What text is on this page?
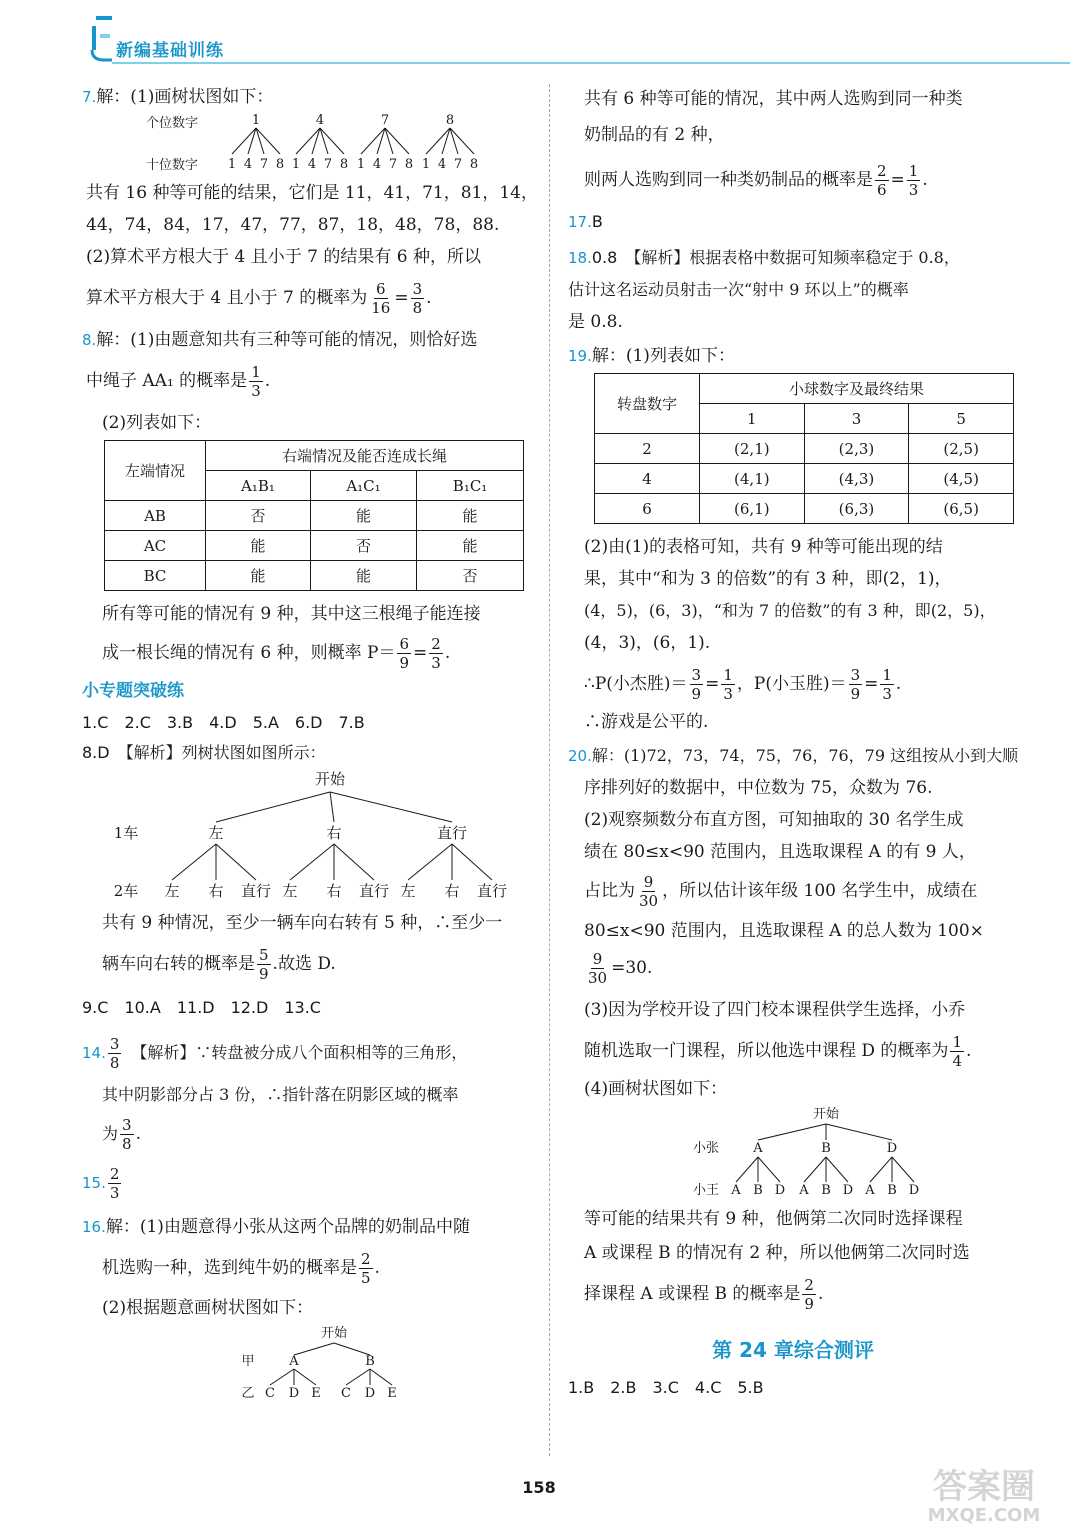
新编基础训练

7.解：(1)画树状图如下：

个位数字
十位数字
1
1 4 7 8
4
1 4 7 8
7
1 4 7 8
8
1 4 7 8

共有 16 种等可能的结果，它们是 11，41，71，81，14，

44，74，84，17，47，77，87，18，48，78，88.

(2)算术平方根大于 4 且小于 7 的结果有 6 种，所以

算术平方根大于 4 且小于 7 的概率为 $\frac{6}{16} = \frac{3}{8}$ .

8.解：(1)由题意知共有三种等可能的情况，则恰好选

中绳子 AA₁ 的概率是 $\frac{1}{3}$ .

(2)列表如下：

左端情况	右端情况及能否连成长绳		
	A₁B₁	A₁C₁	B₁C₁
AB	否	能	能
AC	能	否	能
BC	能	能	否

所有等可能的情况有 9 种，其中这三根绳子能连接

成一根长绳的情况有 6 种，则概率 $P= \frac{6}{9} = \frac{2}{3}$ .

小专题突破练

1.C　2.C　3.B　4.D　5.A　6.D　7.B

8.D　【解析】列树状图如图所示：

开始
1车
2车
左
左 右 直行
右
左 右 直行
直行
左 右 直行

共有 9 种情况，至少一辆车向右转有 5 种，∴至少一

辆车向右转的概率是 $\frac{5}{9}$ .故选 D.

9.C　10.A　11.D　12.D　13.C

14. $\frac{3}{8}$ 　【解析】∵转盘被分成八个面积相等的三角形，

其中阴影部分占 3 份，∴指针落在阴影区域的概率

为 $\frac{3}{8}$ .

15. $\frac{2}{3}$

16.解：(1)由题意得小张从这两个品牌的奶制品中随

机选购一种，选到纯牛奶的概率是 $\frac{2}{5}$ .

(2)根据题意画树状图如下：

开始
甲
乙
A
C D E
B
C D E

共有 6 种等可能的情况，其中两人选购到同一种类

奶制品的有 2 种，

则两人选购到同一种类奶制品的概率是 $\frac{2}{6} = \frac{1}{3}$ .

17.B

18.0.8　【解析】根据表格中数据可知频率稳定于 0.8，

估计这名运动员射击一次“射中 9 环以上”的概率

是 0.8.

19.解：(1)列表如下：

转盘数字	小球数字及最终结果		
	1	3	5
2	(2,1)	(2,3)	(2,5)
4	(4,1)	(4,3)	(4,5)
6	(6,1)	(6,3)	(6,5)

(2)由(1)的表格可知，共有 9 种等可能出现的结

果，其中“和为 3 的倍数”的有 3 种，即(2，1)，

(4，5)，(6，3)，“和为 7 的倍数”的有 3 种，即(2，5)，

(4，3)，(6，1).

∴P(小杰胜)＝ $\frac{3}{9} = \frac{1}{3}$ ，P(小玉胜)＝ $\frac{3}{9} = \frac{1}{3}$ .

∴游戏是公平的.

20.解：(1)72，73，74，75，76，76，79 这组按从小到大顺

序排列好的数据中，中位数为 75，众数为 76.

(2)观察频数分布直方图，可知抽取的 30 名学生成

绩在 80≤x<90 范围内，且选取课程 A 的有 9 人，

占比为 $\frac{9}{30}$ ，所以估计该年级 100 名学生中，成绩在

80≤x<90 范围内，且选取课程 A 的总人数为 100×

$\frac{9}{30} =30$.

(3)因为学校开设了四门校本课程供学生选择，小乔

随机选取一门课程，所以他选中课程 D 的概率为 $\frac{1}{4}$ .

(4)画树状图如下：

开始
小张
小王
A
A B D
B
A B D
D
A B D

等可能的结果共有 9 种，他俩第二次同时选择课程

A 或课程 B 的情况有 2 种，所以他俩第二次同时选

择课程 A 或课程 B 的概率是 $\frac{2}{9}$ .

第 24 章综合测评

1.B　2.B　3.C　4.C　5.B

158	答案圈
MXQE.COM
